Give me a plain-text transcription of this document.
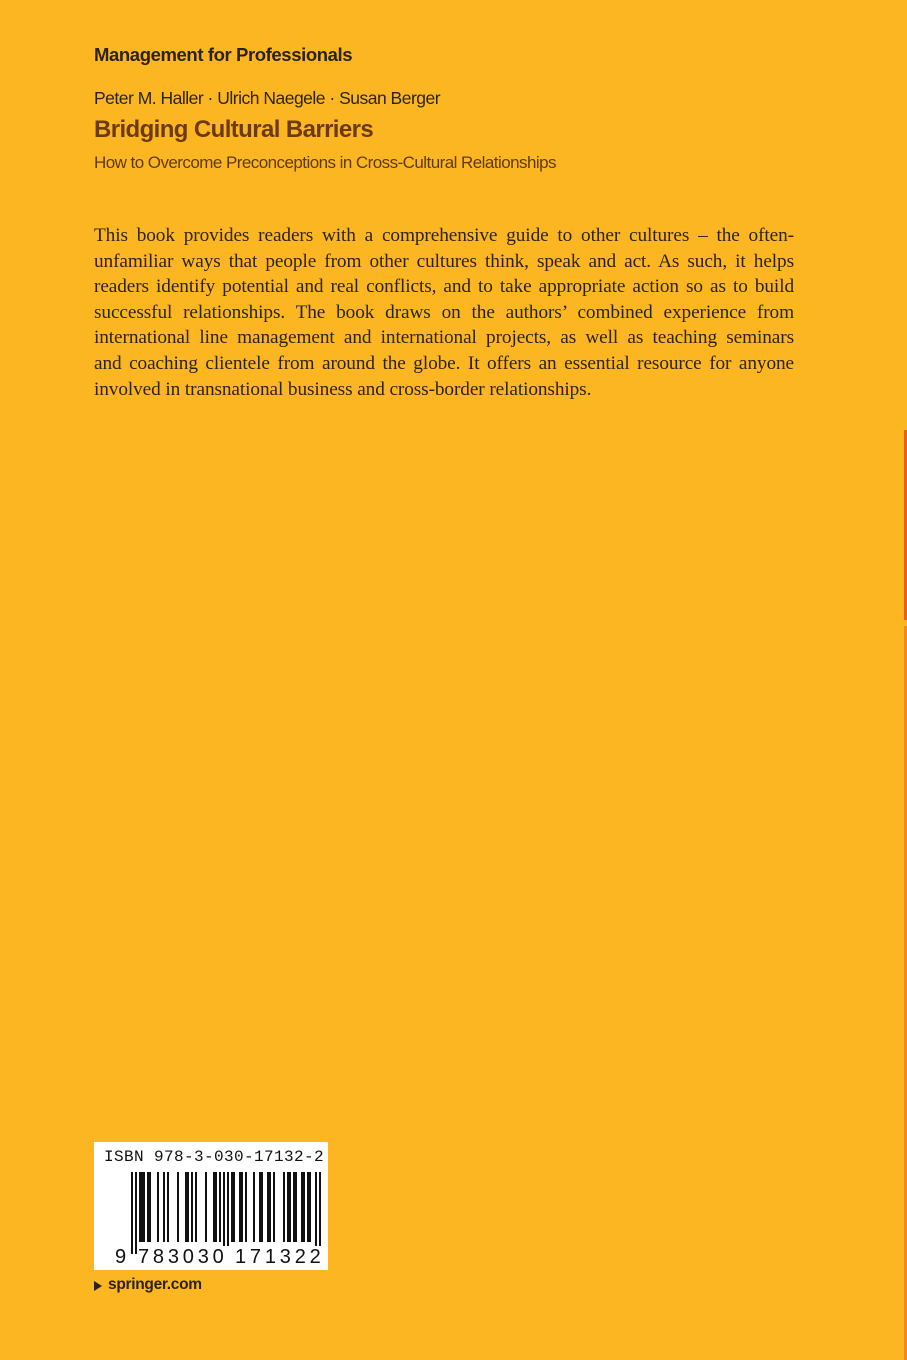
Management for Professionals
Peter M. Haller · Ulrich Naegele · Susan Berger
Bridging Cultural Barriers
How to Overcome Preconceptions in Cross-Cultural Relationships
This book provides readers with a comprehensive guide to other cultures – the often-
unfamiliar ways that people from other cultures think, speak and act. As such, it helps
readers identify potential and real conflicts, and to take appropriate action so as to build
successful relationships. The book draws on the authors’ combined experience from
international line management and international projects, as well as teaching seminars
and coaching clientele from around the globe. It offers an essential resource for anyone
involved in transnational business and cross-border relationships.
ISBN 978-3-030-17132-2
9 783030 171322
springer.com
